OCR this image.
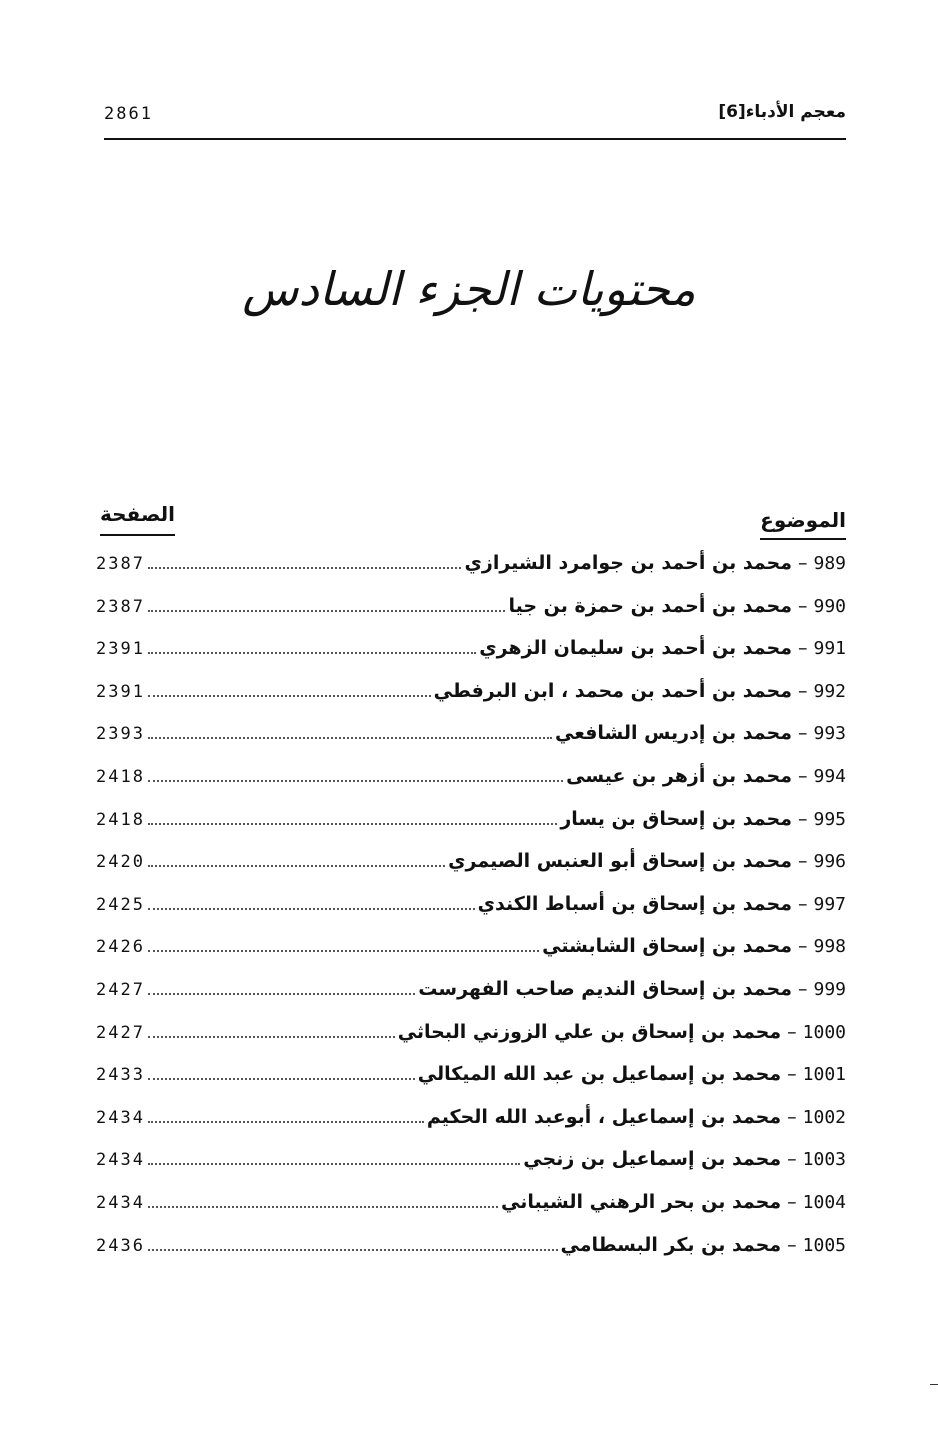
2861	معجم الأدباء[6]
محتويات الجزء السادس
الموضوع
الصفحة
989
–
محمد بن أحمد بن جوامرد الشيرازي
2387
990
–
محمد بن أحمد بن حمزة بن جيا
2387
991
–
محمد بن أحمد بن سليمان الزهري
2391
992
–
محمد بن أحمد بن محمد ، ابن البرفطي
2391
993
–
محمد بن إدريس الشافعي
2393
994
–
محمد بن أزهر بن عيسى
2418
995
–
محمد بن إسحاق بن يسار
2418
996
–
محمد بن إسحاق أبو العنبس الصيمري
2420
997
–
محمد بن إسحاق بن أسباط الكندي
2425
998
–
محمد بن إسحاق الشابشتي
2426
999
–
محمد بن إسحاق النديم صاحب الفهرست
2427
1000
–
محمد بن إسحاق بن علي الزوزني البحاثي
2427
1001
–
محمد بن إسماعيل بن عبد الله الميكالي
2433
1002
–
محمد بن إسماعيل ، أبوعبد الله الحكيم
2434
1003
–
محمد بن إسماعيل بن زنجي
2434
1004
–
محمد بن بحر الرهني الشيباني
2434
1005
–
محمد بن بكر البسطامي
2436
